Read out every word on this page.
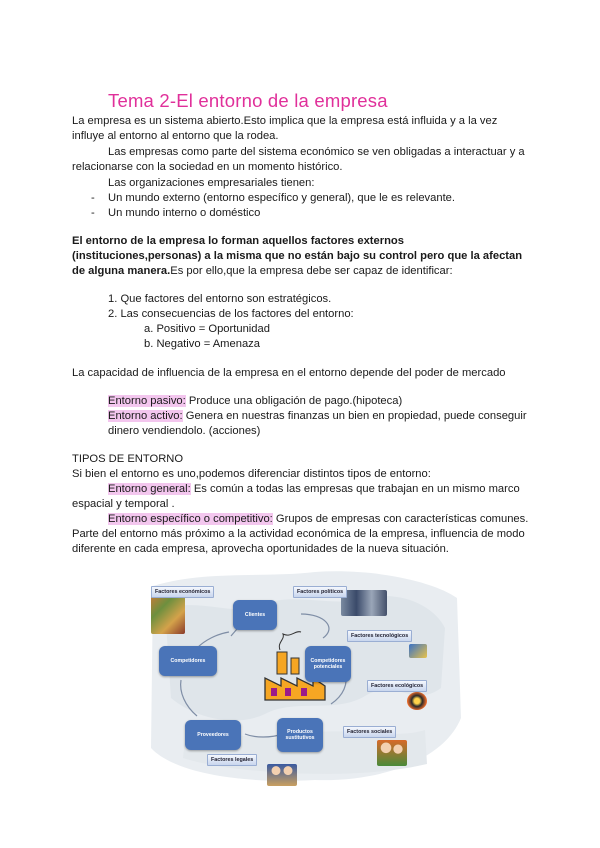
Tema 2-El entorno de la empresa
La empresa es un sistema abierto.Esto implica que la empresa está influida y a la vez
influye al entorno al entorno que la rodea.
Las empresas como parte del sistema económico se ven obligadas a interactuar y a
relacionarse con la sociedad en un momento histórico.
Las organizaciones empresariales tienen:
- Un mundo externo (entorno específico y general), que le es relevante.
- Un mundo interno o doméstico
El entorno de la empresa lo forman aquellos factores externos
(instituciones,personas) a la misma que no están bajo su control pero que la afectan
de alguna manera.Es por ello,que la empresa debe ser capaz de identificar:
1. Que factores del entorno son estratégicos.
2. Las consecuencias de los factores del entorno:
a. Positivo = Oportunidad
b. Negativo = Amenaza
La capacidad de influencia de la empresa en el entorno depende del poder de mercado
Entorno pasivo: Produce una obligación de pago.(hipoteca)
Entorno activo: Genera en nuestras finanzas un bien en propiedad, puede conseguir
dinero vendiendolo. (acciones)
TIPOS DE ENTORNO
Si bien el entorno es uno,podemos diferenciar distintos tipos de entorno:
Entorno general: Es común a todas las empresas que trabajan en un mismo marco
espacial y temporal .
Entorno específico o competitivo: Grupos de empresas con características comunes.
Parte del entorno más próximo a la actividad económica de la empresa, influencia de modo
diferente en cada empresa, aprovecha oportunidades de la nueva situación.
Factores económicos	Factores políticos
Factores tecnológicos
Factores ecológicos
Factores sociales
Factores legales
Clientes
Competidores potenciales
Productos sustitutivos
Proveedores
Competidores
